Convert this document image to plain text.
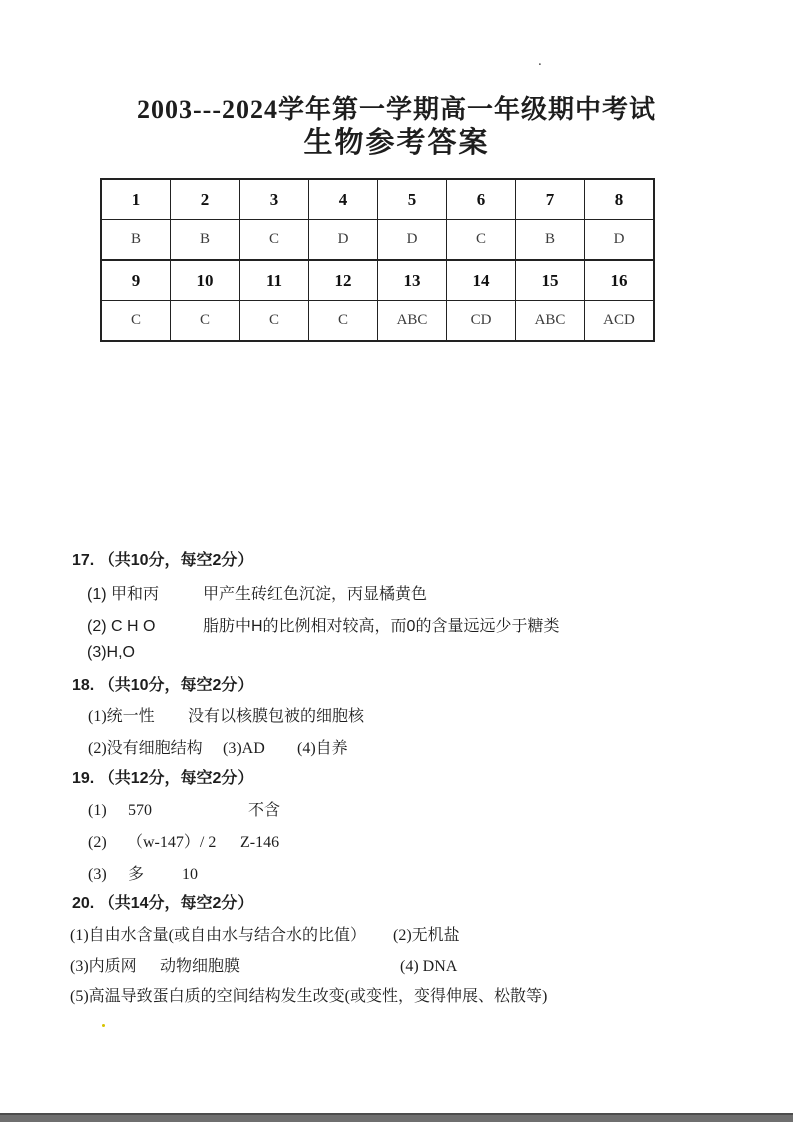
2003---2024学年第一学期高一年级期中考试
生物参考答案
.
1	2	3	4	5	6	7	8
B	B	C	D	D	C	B	D
9	10	11	12	13	14	15	16
C	C	C	C	ABC	CD	ABC	ACD
17. （共10分，每空2分）
(1) 甲和丙	甲产生砖红色沉淀，丙显橘黄色
(2) C H O	脂肪中H的比例相对较高，而0的含量远远少于糖类
(3)H,O
18. （共10分，每空2分）
(1)统一性 没有以核膜包被的细胞核
(2)没有细胞结构 (3)AD (4)自养
19. （共12分，每空2分）
(1) 570	不含
(2) （w-147）/ 2 Z-146
(3) 多 10
20. （共14分，每空2分）
(1)自由水含量(或自由水与结合水的比值） (2)无机盐
(3)内质网 动物细胞膜	(4) DNA
(5)高温导致蛋白质的空间结构发生改变(或变性，变得伸展、松散等)
